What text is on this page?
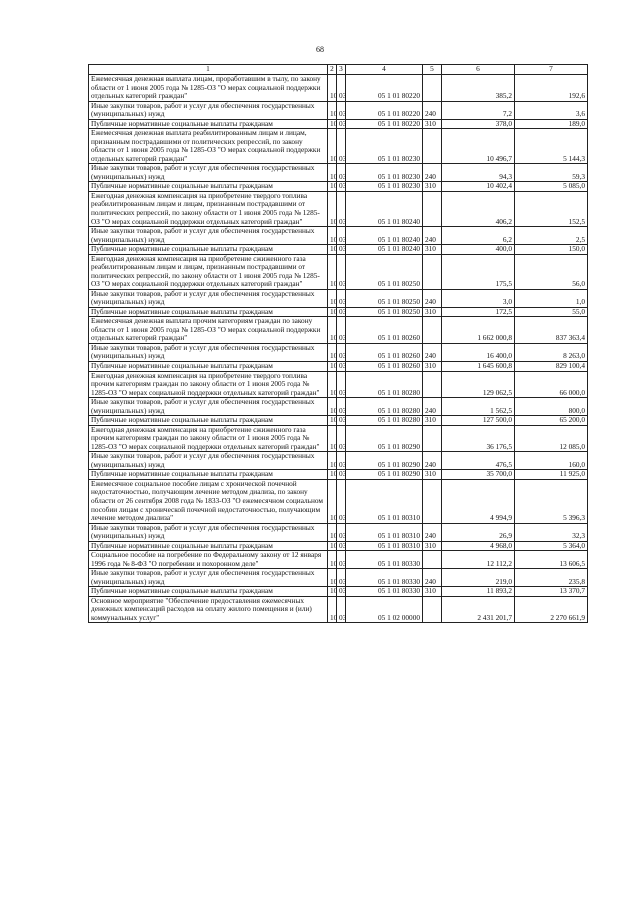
68
1	2	3	4	5	6	7
Ежемесячная денежная выплата лицам, проработавшим в тылу, по закону области от 1 июня 2005 года № 1285-ОЗ "О мерах социальной поддержки отдельных категорий граждан"	10	03	05 1 01 80220		385,2	192,6
Иные закупки товаров, работ и услуг для обеспечения государственных (муниципальных) нужд	10	03	05 1 01 80220	240	7,2	3,6
Публичные нормативные социальные выплаты гражданам	10	03	05 1 01 80220	310	378,0	189,0
Ежемесячная денежная выплата реабилитированным лицам и лицам, признанным пострадавшими от политических репрессий, по закону области от 1 июня 2005 года № 1285-ОЗ "О мерах социальной поддержки отдельных категорий граждан"	10	03	05 1 01 80230		10 496,7	5 144,3
Иные закупки товаров, работ и услуг для обеспечения государственных (муниципальных) нужд	10	03	05 1 01 80230	240	94,3	59,3
Публичные нормативные социальные выплаты гражданам	10	03	05 1 01 80230	310	10 402,4	5 085,0
Ежегодная денежная компенсация на приобретение твердого топлива реабилитированным лицам и лицам, признанным пострадавшими от политических репрессий, по закону области от 1 июня 2005 года № 1285-ОЗ "О мерах социальной поддержки отдельных категорий граждан"	10	03	05 1 01 80240		406,2	152,5
Иные закупки товаров, работ и услуг для обеспечения государственных (муниципальных) нужд	10	03	05 1 01 80240	240	6,2	2,5
Публичные нормативные социальные выплаты гражданам	10	03	05 1 01 80240	310	400,0	150,0
Ежегодная денежная компенсация на приобретение сжиженного газа реабилитированным лицам и лицам, признанным пострадавшими от политических репрессий, по закону области от 1 июня 2005 года № 1285-ОЗ "О мерах социальной поддержки отдельных категорий граждан"	10	03	05 1 01 80250		175,5	56,0
Иные закупки товаров, работ и услуг для обеспечения государственных (муниципальных) нужд	10	03	05 1 01 80250	240	3,0	1,0
Публичные нормативные социальные выплаты гражданам	10	03	05 1 01 80250	310	172,5	55,0
Ежемесячная денежная выплата прочим категориям граждан по закону области от 1 июня 2005 года № 1285-ОЗ "О мерах социальной поддержки отдельных категорий граждан"	10	03	05 1 01 80260		1 662 000,8	837 363,4
Иные закупки товаров, работ и услуг для обеспечения государственных (муниципальных) нужд	10	03	05 1 01 80260	240	16 400,0	8 263,0
Публичные нормативные социальные выплаты гражданам	10	03	05 1 01 80260	310	1 645 600,8	829 100,4
Ежегодная денежная компенсация на приобретение твердого топлива прочим категориям граждан по закону области от 1 июня 2005 года № 1285-ОЗ "О мерах социальной поддержки отдельных категорий граждан"	10	03	05 1 01 80280		129 062,5	66 000,0
Иные закупки товаров, работ и услуг для обеспечения государственных (муниципальных) нужд	10	03	05 1 01 80280	240	1 562,5	800,0
Публичные нормативные социальные выплаты гражданам	10	03	05 1 01 80280	310	127 500,0	65 200,0
Ежегодная денежная компенсация на приобретение сжиженного газа прочим категориям граждан по закону области от 1 июня 2005 года № 1285-ОЗ "О мерах социальной поддержки отдельных категорий граждан"	10	03	05 1 01 80290		36 176,5	12 085,0
Иные закупки товаров, работ и услуг для обеспечения государственных (муниципальных) нужд	10	03	05 1 01 80290	240	476,5	160,0
Публичные нормативные социальные выплаты гражданам	10	03	05 1 01 80290	310	35 700,0	11 925,0
Ежемесячное социальное пособие лицам с хронической почечной недостаточностью, получающим лечение методом диализа, по закону области от 26 сентября 2008 года № 1833-ОЗ "О ежемесячном социальном пособии лицам с хронической почечной недостаточностью, получающим лечение методом диализа"	10	03	05 1 01 80310		4 994,9	5 396,3
Иные закупки товаров, работ и услуг для обеспечения государственных (муниципальных) нужд	10	03	05 1 01 80310	240	26,9	32,3
Публичные нормативные социальные выплаты гражданам	10	03	05 1 01 80310	310	4 968,0	5 364,0
Социальное пособие на погребение по Федеральному закону от 12 января 1996 года № 8-ФЗ "О погребении и похоронном деле"	10	03	05 1 01 80330		12 112,2	13 606,5
Иные закупки товаров, работ и услуг для обеспечения государственных (муниципальных) нужд	10	03	05 1 01 80330	240	219,0	235,8
Публичные нормативные социальные выплаты гражданам	10	03	05 1 01 80330	310	11 893,2	13 370,7
Основное мероприятие "Обеспечение предоставления ежемесячных денежных компенсаций расходов на оплату жилого помещения и (или) коммунальных услуг"	10	03	05 1 02 00000		2 431 201,7	2 270 661,9
